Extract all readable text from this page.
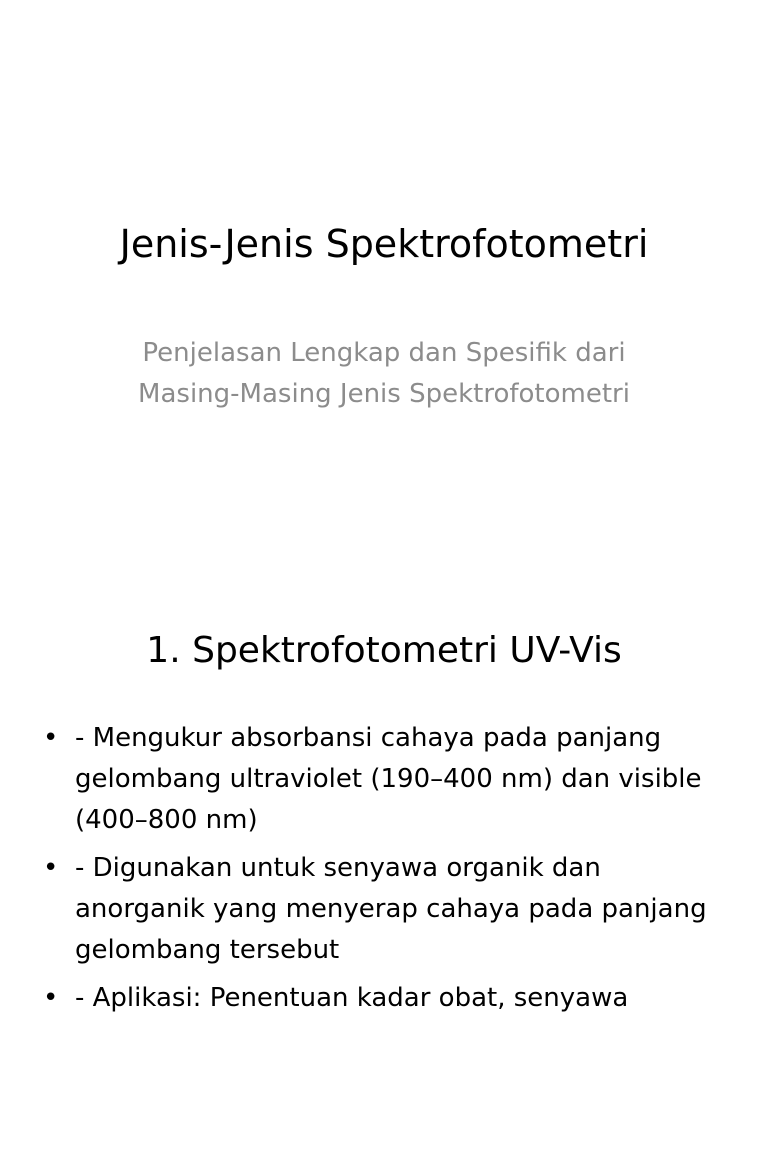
Jenis-Jenis Spektrofotometri

Penjelasan Lengkap dan Spesifik dari Masing-Masing Jenis Spektrofotometri

1. Spektrofotometri UV-Vis
• - Mengukur absorbansi cahaya pada panjang gelombang ultraviolet (190–400 nm) dan visible (400–800 nm)
• - Digunakan untuk senyawa organik dan anorganik yang menyerap cahaya pada panjang gelombang tersebut
• - Aplikasi: Penentuan kadar obat, senyawa
